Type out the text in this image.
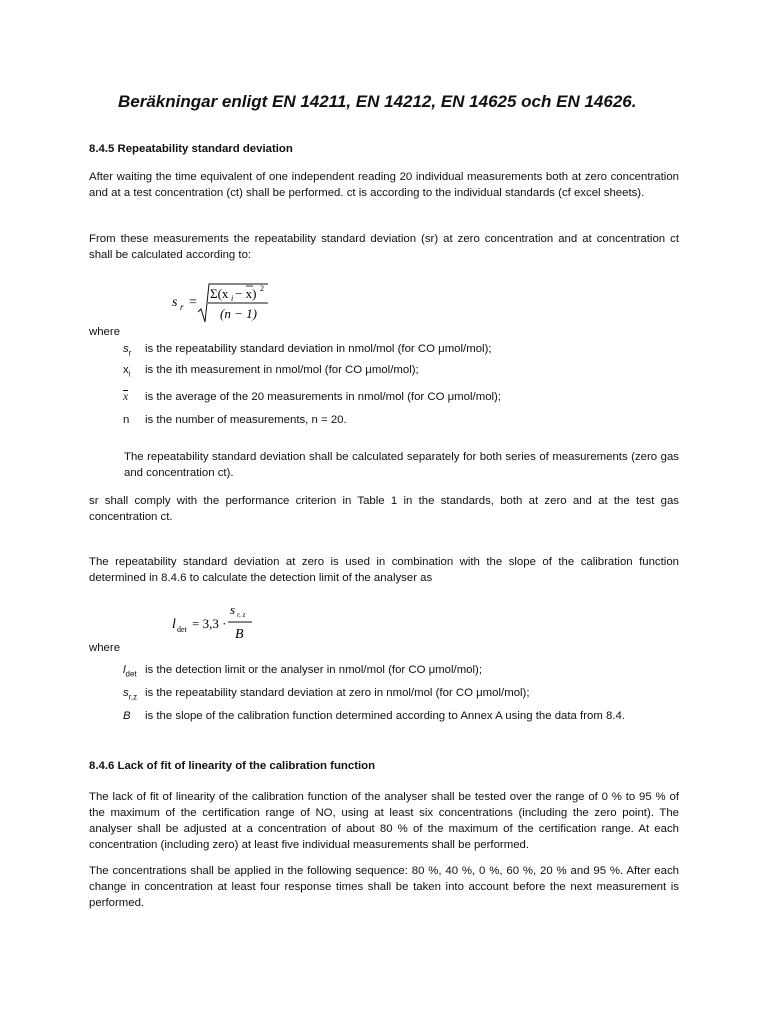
Beräkningar enligt EN 14211, EN 14212, EN 14625 och EN 14626.
8.4.5 Repeatability standard deviation
After waiting the time equivalent of one independent reading 20 individual measurements both at zero concentration and at a test concentration (ct) shall be performed. ct is according to the individual standards (cf excel sheets).
From these measurements the repeatability standard deviation (sr) at zero concentration and at concentration ct shall be calculated according to:
s r =
Σ(x i − x) 2
(n − 1)
where
$s_r$ is the repeatability standard deviation in nmol/mol (for CO μmol/mol);
$x_i$ is the ith measurement in nmol/mol (for CO μmol/mol);
$\overline{x}$ is the average of the 20 measurements in nmol/mol (for CO μmol/mol);
n is the number of measurements, n = 20.
The repeatability standard deviation shall be calculated separately for both series of measurements (zero gas and concentration ct).
sr shall comply with the performance criterion in Table 1 in the standards, both at zero and at the test gas concentration ct.
The repeatability standard deviation at zero is used in combination with the slope of the calibration function determined in 8.4.6 to calculate the detection limit of the analyser as
l det = 3,3 ·
s r, z
B
where
$l_{det}$ is the detection limit or the analyser in nmol/mol (for CO μmol/mol);
$s_{r,z}$ is the repeatability standard deviation at zero in nmol/mol (for CO μmol/mol);
B is the slope of the calibration function determined according to Annex A using the data from 8.4.
8.4.6 Lack of fit of linearity of the calibration function
The lack of fit of linearity of the calibration function of the analyser shall be tested over the range of 0 % to 95 % of the maximum of the certification range of NO, using at least six concentrations (including the zero point). The analyser shall be adjusted at a concentration of about 80 % of the maximum of the certification range. At each concentration (including zero) at least five individual measurements shall be performed.
The concentrations shall be applied in the following sequence: 80 %, 40 %, 0 %, 60 %, 20 % and 95 %. After each change in concentration at least four response times shall be taken into account before the next measurement is performed.
